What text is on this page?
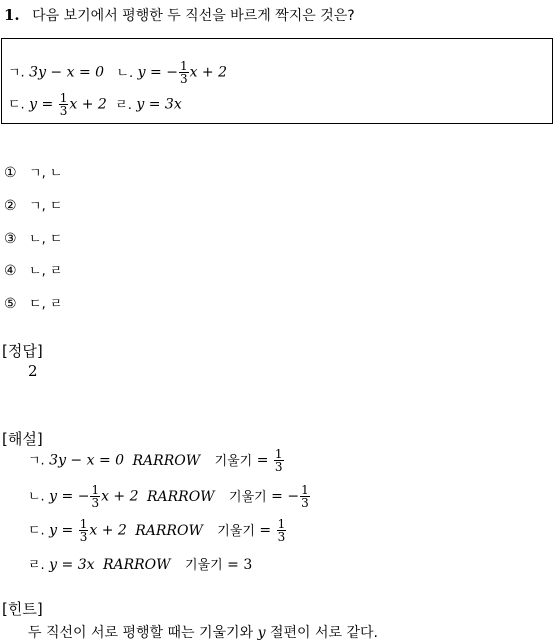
1. 다음 보기에서 평행한 두 직선을 바르게 짝지은 것은?
ㄱ. 3y − x = 0 ㄴ. y = − $\frac{1}{3}$ x + 2
ㄷ. $y = \frac{1}{3}$ x + 2 ㄹ. y = 3x
① ㄱ, ㄴ
② ㄱ, ㄷ
③ ㄴ, ㄷ
④ ㄴ, ㄹ
⑤ ㄷ, ㄹ
[정답]
2
[해설]
ㄱ. 3y − x = 0 RARROW 기울기 = $\frac{1}{3}$
ㄴ. y = − $\frac{1}{3}$ x + 2 RARROW 기울기 = − $\frac{1}{3}$
ㄷ. $y = \frac{1}{3}$ x + 2 RARROW 기울기 = $\frac{1}{3}$
ㄹ. y = 3x RARROW 기울기 = 3
[힌트]
두 직선이 서로 평행할 때는 기울기와 y 절편이 서로 같다.
